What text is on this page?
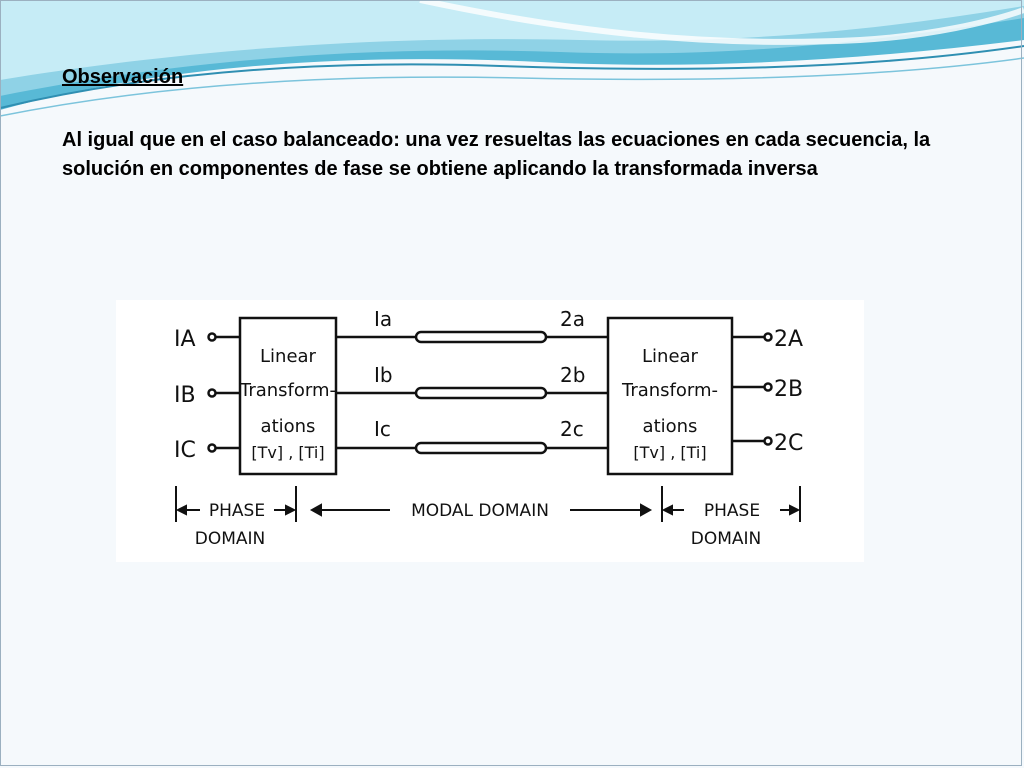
Observación
Al igual que en el caso balanceado: una vez resueltas las ecuaciones en cada secuencia, la solución en componentes de fase se obtiene aplicando la transformada inversa
IA
IB
IC
2A
2B
2C
Ia
Ib
Ic
2a
2b
2c
Linear
Transform-
ations
[Tv] , [Ti]
Linear
Transform-
ations
[Tv] , [Ti]
PHASE
DOMAIN
MODAL DOMAIN	PHASE
DOMAIN
